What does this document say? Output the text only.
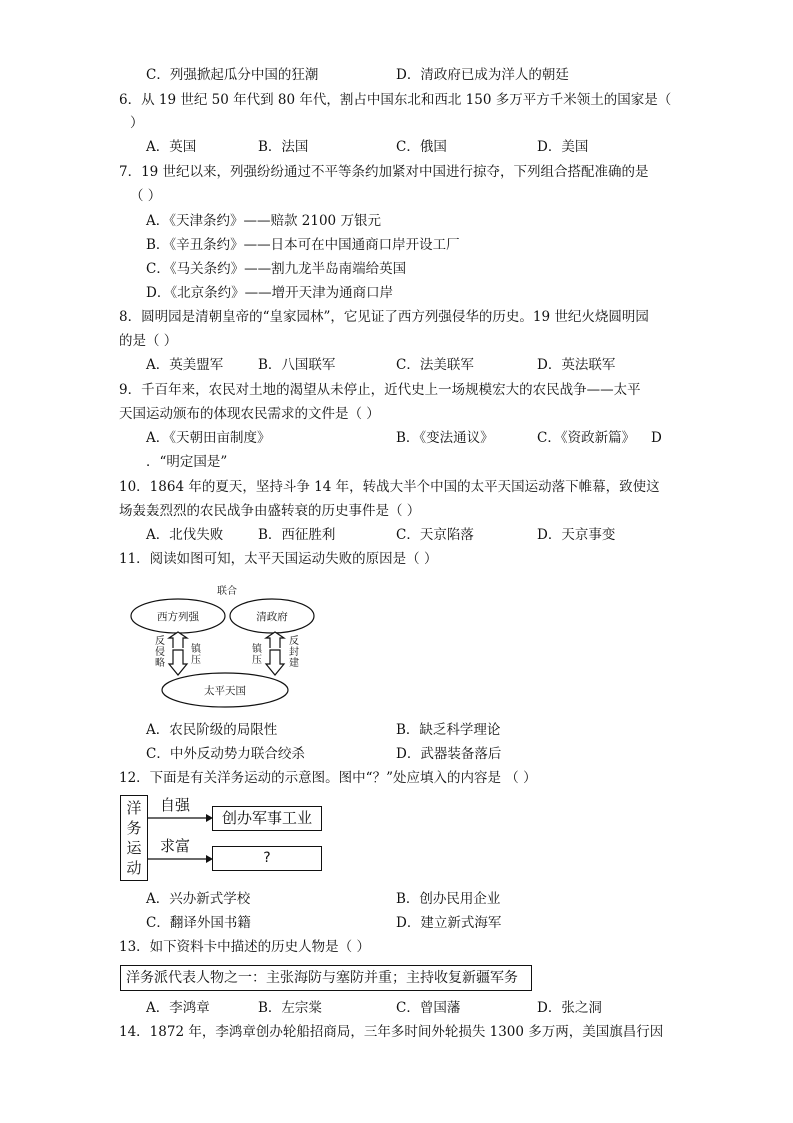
C．列强掀起瓜分中国的狂潮	D．清政府已成为洋人的朝廷
6．从 19 世纪 50 年代到 80 年代，割占中国东北和西北 150 多万平方千米领土的国家是（
）
A．英国	B．法国	C．俄国	D．美国
7．19 世纪以来，列强纷纷通过不平等条约加紧对中国进行掠夺，下列组合搭配准确的是
（ ）
A．《天津条约》——赔款 2100 万银元
B．《辛丑条约》——日本可在中国通商口岸开设工厂
C．《马关条约》——割九龙半岛南端给英国
D．《北京条约》——增开天津为通商口岸
8．圆明园是清朝皇帝的“皇家园林”，它见证了西方列强侵华的历史。19 世纪火烧圆明园
的是（ ）
A．英美盟军	B．八国联军	C．法美联军	D．英法联军
9．千百年来，农民对土地的渴望从未停止，近代史上一场规模宏大的农民战争——太平
天国运动颁布的体现农民需求的文件是（ ）
A．《天朝田亩制度》	B．《变法通议》	C．《资政新篇》 D
．“明定国是”
10．1864 年的夏天，坚持斗争 14 年，转战大半个中国的太平天国运动落下帷幕，致使这
场轰轰烈烈的农民战争由盛转衰的历史事件是（ ）
A．北伐失败	B．西征胜利	C．天京陷落	D．天京事变
11．阅读如图可知，太平天国运动失败的原因是（ ）
联合
西方列强	清政府
太平天国
反侵略
镇压
镇压
反封建
A．农民阶级的局限性	B．缺乏科学理论
C．中外反动势力联合绞杀	D．武器装备落后
12．下面是有关洋务运动的示意图。图中“？”处应填入的内容是 （ ）
洋
务
运
动
自强
求富
创办军事工业
?
A．兴办新式学校	B．创办民用企业
C．翻译外国书籍	D．建立新式海军
13．如下资料卡中描述的历史人物是（ ）
洋务派代表人物之一：主张海防与塞防并重；主持收复新疆军务
A．李鸿章	B．左宗棠	C．曾国藩	D．张之洞
14．1872 年，李鸿章创办轮船招商局，三年多时间外轮损失 1300 多万两，美国旗昌行因
